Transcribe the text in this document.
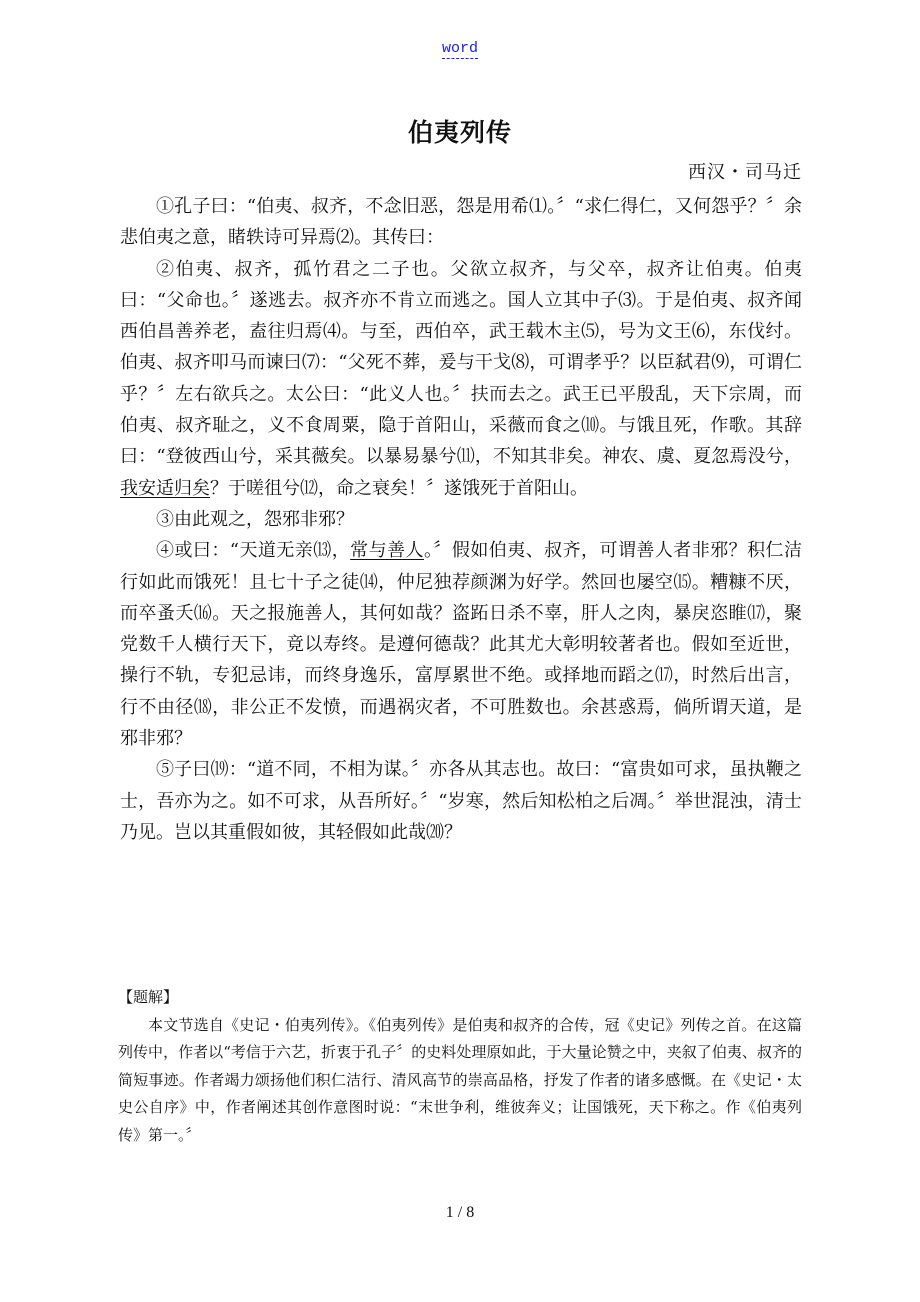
word
伯夷列传
西汉・司马迁

①孔子曰：“伯夷、叔齐，不念旧恶，怨是用希⑴。〞“求仁得仁，又何怨乎？〞余悲伯夷之意，睹轶诗可异焉⑵。其传曰：

②伯夷、叔齐，孤竹君之二子也。父欲立叔齐，与父卒，叔齐让伯夷。伯夷曰：“父命也。〞遂逃去。叔齐亦不肯立而逃之。国人立其中子⑶。于是伯夷、叔齐闻西伯昌善养老，盍往归焉⑷。与至，西伯卒，武王载木主⑸，号为文王⑹，东伐纣。伯夷、叔齐叩马而谏曰⑺：“父死不葬，爰与干戈⑻，可谓孝乎？以臣弑君⑼，可谓仁乎？〞左右欲兵之。太公曰：“此义人也。〞扶而去之。武王已平殷乱，天下宗周，而伯夷、叔齐耻之，义不食周粟，隐于首阳山，采薇而食之⑽。与饿且死，作歌。其辞曰：“登彼西山兮，采其薇矣。以暴易暴兮⑾，不知其非矣。神农、虞、夏忽焉没兮，我安适归矣？于嗟徂兮⑿，命之衰矣！〞遂饿死于首阳山。

③由此观之，怨邪非邪？

④或曰：“天道无亲⒀，常与善人。〞假如伯夷、叔齐，可谓善人者非邪？积仁洁行如此而饿死！且七十子之徒⒁，仲尼独荐颜渊为好学。然回也屡空⒂。糟糠不厌，而卒蚤夭⒃。天之报施善人，其何如哉？盗跖日杀不辜，肝人之肉，暴戾恣睢⒄，聚党数千人横行天下，竟以寿终。是遵何德哉？此其尤大彰明较著者也。假如至近世，操行不轨，专犯忌讳，而终身逸乐，富厚累世不绝。或择地而蹈之⒄，时然后出言，行不由径⒅，非公正不发愤，而遇祸灾者，不可胜数也。余甚惑焉，倘所谓天道，是邪非邪？

⑤子曰⒆：“道不同，不相为谋。〞亦各从其志也。故曰：“富贵如可求，虽执鞭之士，吾亦为之。如不可求，从吾所好。〞“岁寒，然后知松柏之后凋。〞举世混浊，清士乃见。岂以其重假如彼，其轻假如此哉⒇？

【题解】

本文节选自《史记・伯夷列传》。《伯夷列传》是伯夷和叔齐的合传，冠《史记》列传之首。在这篇列传中，作者以“考信于六艺，折衷于孔子〞的史料处理原如此，于大量论赞之中，夹叙了伯夷、叔齐的简短事迹。作者竭力颂扬他们积仁洁行、清风高节的崇高品格，抒发了作者的诸多感慨。在《史记・太史公自序》中，作者阐述其创作意图时说：“末世争利，维彼奔义；让国饿死，天下称之。作《伯夷列传》第一。〞

1 / 8
